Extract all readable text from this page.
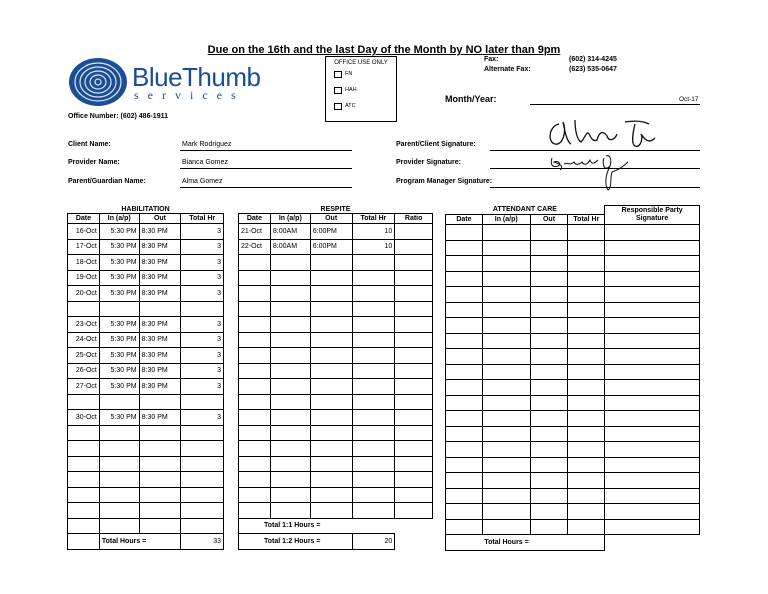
Due on the 16th and the last Day of the Month by NO later than 9pm
BlueThumb
services
OFFICE USE ONLY
FN
HAH
ATC
Fax:	(602) 314-4245
Alternate Fax:	(623) 535-0647
Month/Year:	Oct-17
Office Number: (602) 486-1911
Client Name:	Mark Rodriguez
Provider Name:	Bianca Gomez
Parent/Guardian Name:	Alma Gomez
Parent/Client Signature:
Provider Signature:
Program Manager Signature:
HABILITATION			
Date	In (a/p)	Out	Total Hr
16-Oct	5:30 PM	8:30 PM	3
17-Oct	5:30 PM	8:30 PM	3
18-Oct	5:30 PM	8:30 PM	3
19-Oct	5:30 PM	8:30 PM	3
20-Oct	5:30 PM	8:30 PM	3

23-Oct	5:30 PM	8:30 PM	3
24-Oct	5:30 PM	8:30 PM	3
25-Oct	5:30 PM	8:30 PM	3
26-Oct	5:30 PM	8:30 PM	3
27-Oct	5:30 PM	8:30 PM	3

30-Oct	5:30 PM	8:30 PM	3

	Total Hours =		33
RESPITE				
Date	In (a/p)	Out	Total Hr	Ratio
21-Oct	8:00AM	6:00PM	10	
22-Oct	8:00AM	6:00PM	10	

Total 1:1 Hours =				
Total 1:2 Hours =			20	
ATTENDANT CARE				Responsible Party Signature
Date	In (a/p)	Out	Total Hr	

	Total Hours =			
